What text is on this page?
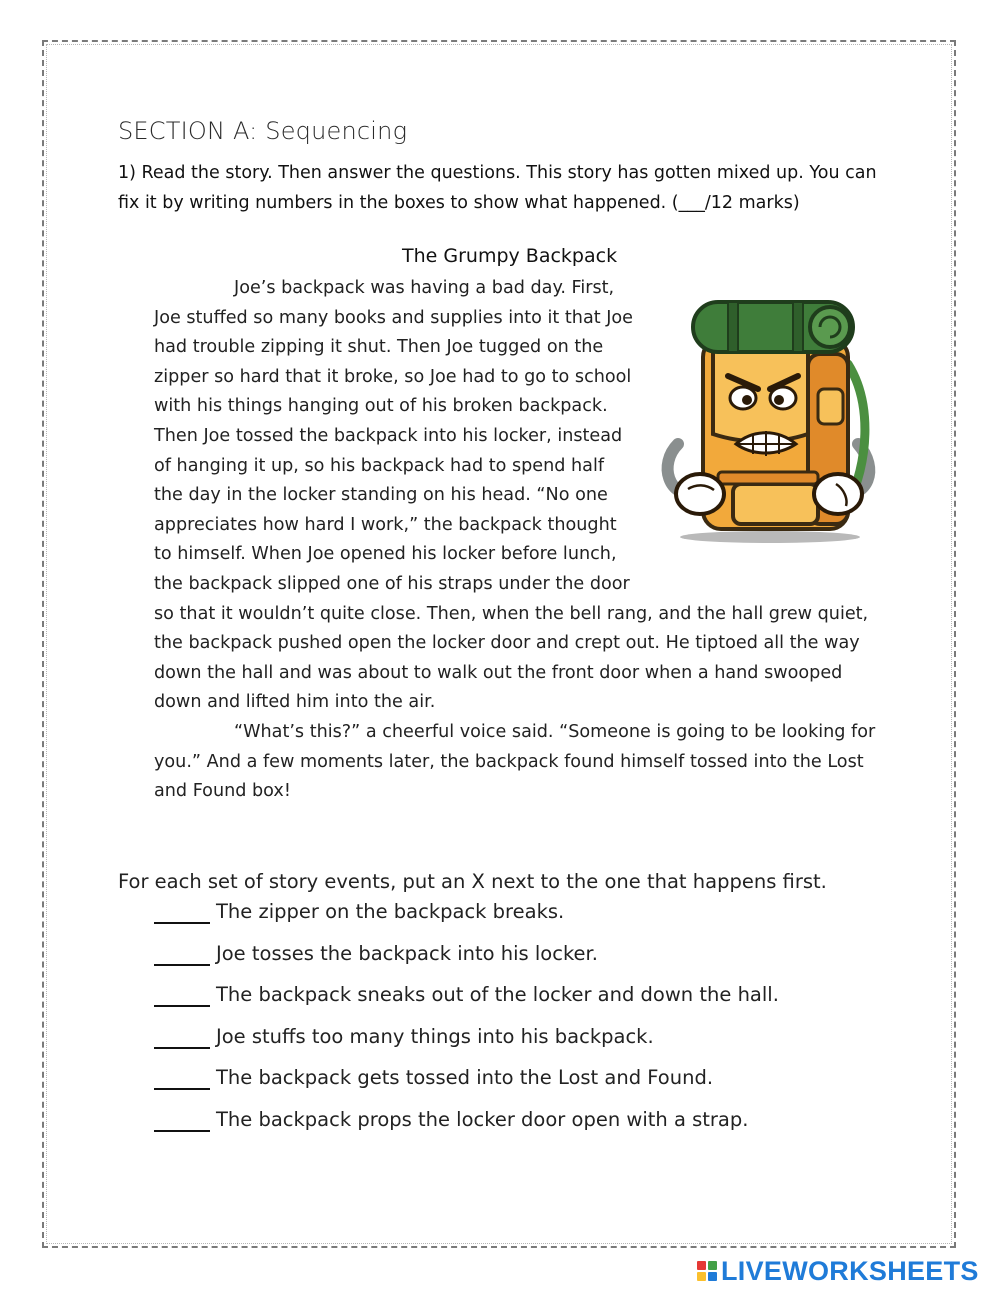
SECTION A: Sequencing
1) Read the story. Then answer the questions. This story has gotten mixed up. You can fix it by writing numbers in the boxes to show what happened. (___/12 marks)
The Grumpy Backpack

Joe’s backpack was having a bad day. First, Joe stuffed so many books and supplies into it that Joe had trouble zipping it shut. Then Joe tugged on the zipper so hard that it broke, so Joe had to go to school with his things hanging out of his broken backpack. Then Joe tossed the backpack into his locker, instead of hanging it up, so his backpack had to spend half the day in the locker standing on his head. “No one appreciates how hard I work,” the backpack thought to himself. When Joe opened his locker before lunch, the backpack slipped one of his straps under the door so that it wouldn’t quite close. Then, when the bell rang, and the hall grew quiet, the backpack pushed open the locker door and crept out. He tiptoed all the way down the hall and was about to walk out the front door when a hand swooped down and lifted him into the air.

“What’s this?” a cheerful voice said. “Someone is going to be looking for you.” And a few moments later, the backpack found himself tossed into the Lost and Found box!

For each set of story events, put an X next to the one that happens first.
The zipper on the backpack breaks.
Joe tosses the backpack into his locker.
The backpack sneaks out of the locker and down the hall.
Joe stuffs too many things into his backpack.
The backpack gets tossed into the Lost and Found.
The backpack props the locker door open with a strap.
LIVEWORKSHEETS
